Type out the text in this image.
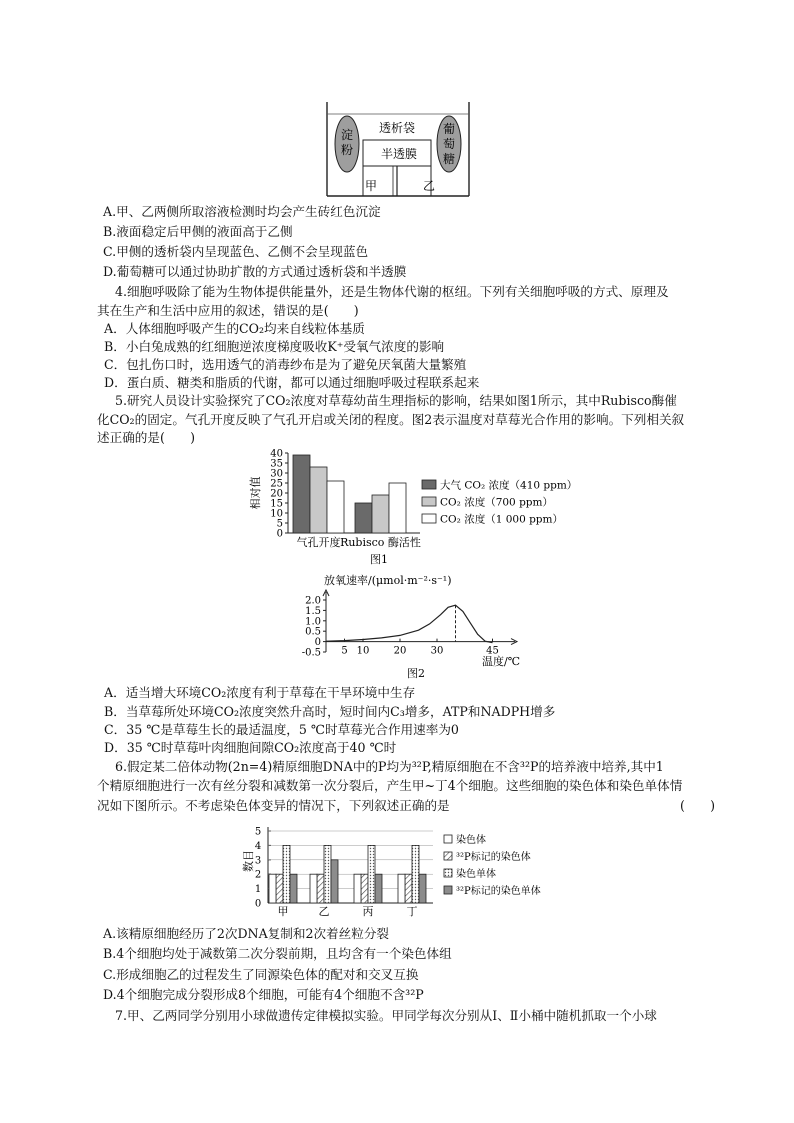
淀
粉
葡
萄
糖
透析袋
半透膜
甲	乙
A.甲、乙两侧所取溶液检测时均会产生砖红色沉淀
B.液面稳定后甲侧的液面高于乙侧
C.甲侧的透析袋内呈现蓝色、乙侧不会呈现蓝色
D.葡萄糖可以通过协助扩散的方式通过透析袋和半透膜
4.细胞呼吸除了能为生物体提供能量外，还是生物体代谢的枢纽。下列有关细胞呼吸的方式、原理及
其在生产和生活中应用的叙述，错误的是(　　)
A．人体细胞呼吸产生的CO₂均来自线粒体基质
B．小白兔成熟的红细胞逆浓度梯度吸收K⁺受氧气浓度的影响
C．包扎伤口时，选用透气的消毒纱布是为了避免厌氧菌大量繁殖
D．蛋白质、糖类和脂质的代谢，都可以通过细胞呼吸过程联系起来
5.研究人员设计实验探究了CO₂浓度对草莓幼苗生理指标的影响，结果如图1所示，其中Rubisco酶催
化CO₂的固定。气孔开度反映了气孔开启或关闭的程度。图2表示温度对草莓光合作用的影响。下列相关叙
述正确的是(　　)
0
5
10
15
20
25
30
35
40
相对值
气孔开度 Rubisco 酶活性
大气 CO₂ 浓度（410 ppm）
CO₂ 浓度（700 ppm）
CO₂ 浓度（1 000 ppm）
图1
放氧速率/(μmol·m⁻²·s⁻¹)
-0.5
0
0.5
1.0
1.5
2.0
5 10 20 30	45
温度/℃
图2
A．适当增大环境CO₂浓度有利于草莓在干旱环境中生存
B．当草莓所处环境CO₂浓度突然升高时，短时间内C₃增多，ATP和NADPH增多
C．35 ℃是草莓生长的最适温度，5 ℃时草莓光合作用速率为0
D．35 ℃时草莓叶肉细胞间隙CO₂浓度高于40 ℃时
6.假定某二倍体动物(2n=4)精原细胞DNA中的P均为³²P,精原细胞在不含³²P的培养液中培养,其中1
个精原细胞进行一次有丝分裂和减数第一次分裂后，产生甲~丁4个细胞。这些细胞的染色体和染色单体情
况如下图所示。不考虑染色体变异的情况下，下列叙述正确的是	(　　)
0
1
2
3
4
5
数目
甲	乙	丙	丁
染色体
³²P标记的染色体
染色单体
³²P标记的染色单体
A.该精原细胞经历了2次DNA复制和2次着丝粒分裂
B.4个细胞均处于减数第二次分裂前期，且均含有一个染色体组
C.形成细胞乙的过程发生了同源染色体的配对和交叉互换
D.4个细胞完成分裂形成8个细胞，可能有4个细胞不含³²P
7.甲、乙两同学分别用小球做遗传定律模拟实验。甲同学每次分别从Ⅰ、Ⅱ小桶中随机抓取一个小球
